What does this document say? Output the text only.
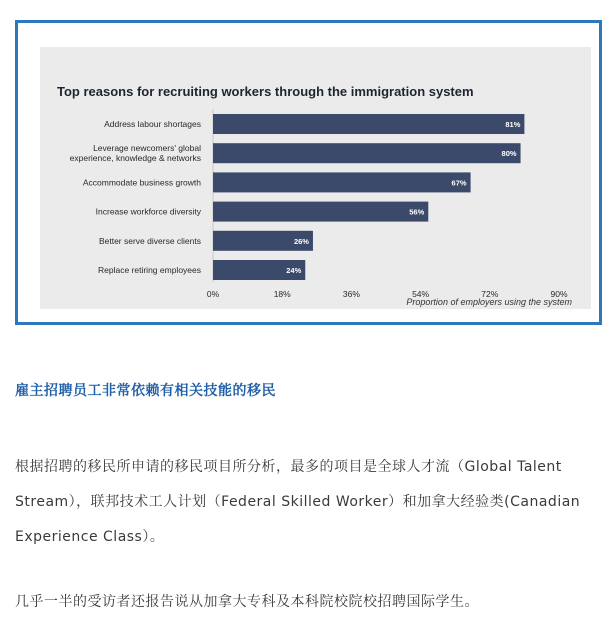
Top reasons for recruiting workers through the immigration system
81%
Address labour shortages
80%
Leverage newcomers' global
experience, knowledge & networks
67%
Accommodate business growth
56%
Increase workforce diversity
26%
Better serve diverse clients
24%
Replace retiring employees
0%	18%	36%	54%	72%	90%
Proportion of employers using the system

雇主招聘员工非常依赖有相关技能的移民

根据招聘的移民所申请的移民项目所分析，最多的项目是全球人才流（Global Talent Stream），联邦技术工人计划（Federal Skilled Worker）和加拿大经验类(Canadian Experience Class）。

几乎一半的受访者还报告说从加拿大专科及本科院校院校招聘国际学生。
